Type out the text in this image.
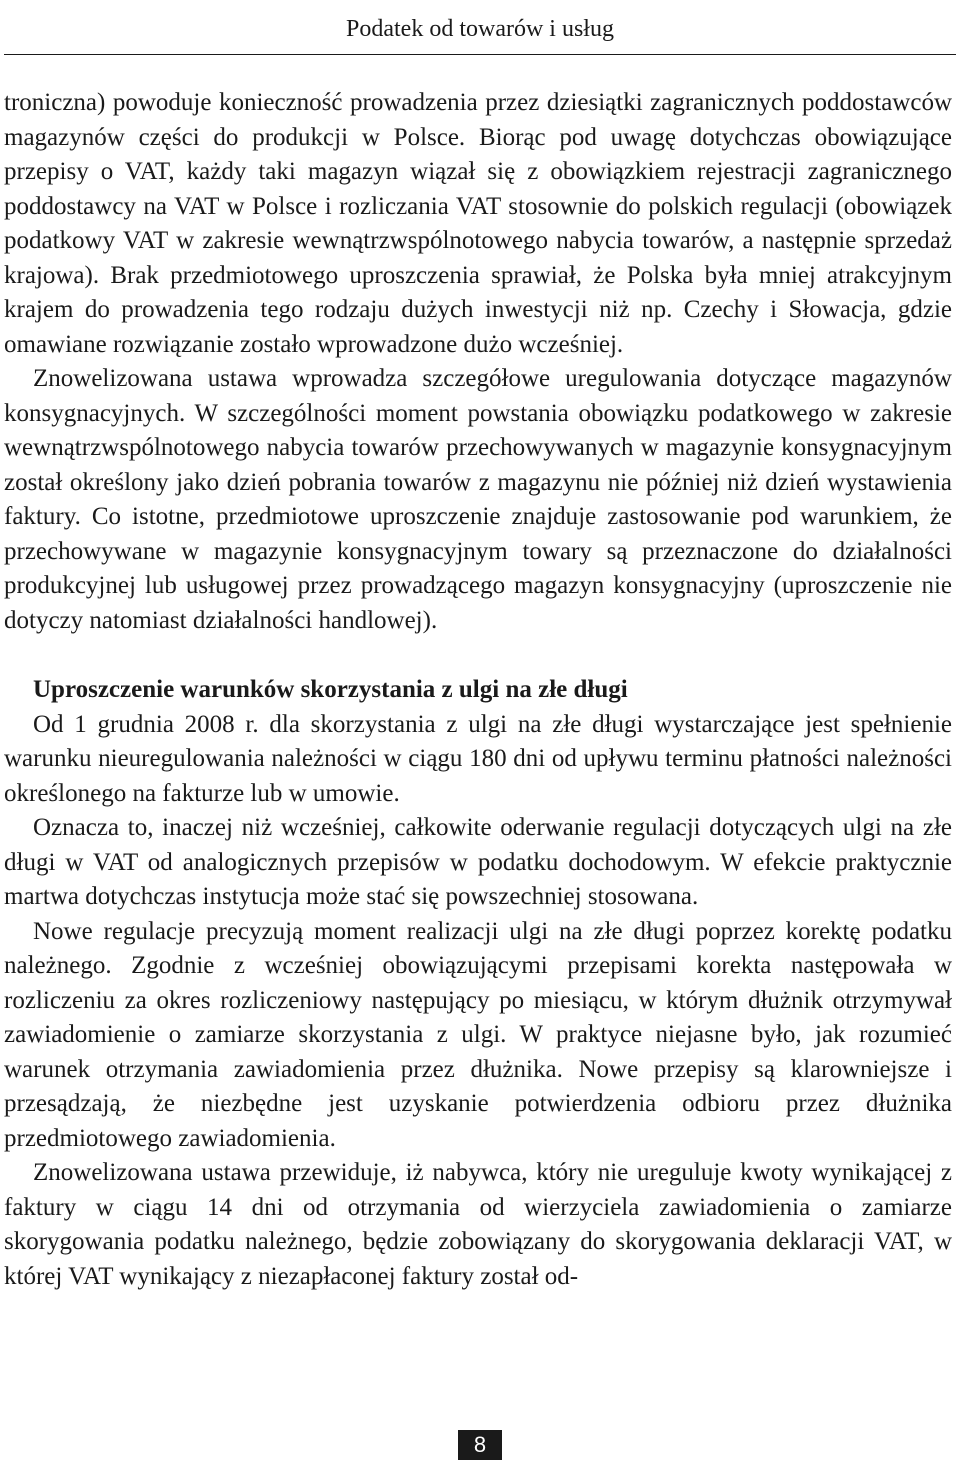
Podatek od towarów i usług

troniczna) powoduje konieczność prowadzenia przez dziesiątki zagranicznych poddostawców magazynów części do produkcji w Polsce. Biorąc pod uwagę dotychczas obowiązujące przepisy o VAT, każdy taki magazyn wiązał się z obowiązkiem rejestracji zagranicznego poddostawcy na VAT w Polsce i rozliczania VAT stosownie do polskich regulacji (obowiązek podatkowy VAT w zakresie wewnątrzwspólnotowego nabycia towarów, a następnie sprzedaż krajowa). Brak przedmiotowego uproszczenia sprawiał, że Polska była mniej atrakcyjnym krajem do prowadzenia tego rodzaju dużych inwestycji niż np. Czechy i Słowacja, gdzie omawiane rozwiązanie zostało wprowadzone dużo wcześniej.

Znowelizowana ustawa wprowadza szczegółowe uregulowania dotyczące magazynów konsygnacyjnych. W szczególności moment powstania obowiązku podatkowego w zakresie wewnątrzwspólnotowego nabycia towarów przechowywanych w magazynie konsygnacyjnym został określony jako dzień pobrania towarów z magazynu nie później niż dzień wystawienia faktury. Co istotne, przedmiotowe uproszczenie znajduje zastosowanie pod warunkiem, że przechowywane w magazynie konsygnacyjnym towary są przeznaczone do działalności produkcyjnej lub usługowej przez prowadzącego magazyn konsygnacyjny (uproszczenie nie dotyczy natomiast działalności handlowej).

Uproszczenie warunków skorzystania z ulgi na złe długi

Od 1 grudnia 2008 r. dla skorzystania z ulgi na złe długi wystarczające jest spełnienie warunku nieuregulowania należności w ciągu 180 dni od upływu terminu płatności należności określonego na fakturze lub w umowie.

Oznacza to, inaczej niż wcześniej, całkowite oderwanie regulacji dotyczących ulgi na złe długi w VAT od analogicznych przepisów w podatku dochodowym. W efekcie praktycznie martwa dotychczas instytucja może stać się powszechniej stosowana.

Nowe regulacje precyzują moment realizacji ulgi na złe długi poprzez korektę podatku należnego. Zgodnie z wcześniej obowiązującymi przepisami korekta następowała w rozliczeniu za okres rozliczeniowy następujący po miesiącu, w którym dłużnik otrzymywał zawiadomienie o zamiarze skorzystania z ulgi. W praktyce niejasne było, jak rozumieć warunek otrzymania zawiadomienia przez dłużnika. Nowe przepisy są klarowniejsze i przesądzają, że niezbędne jest uzyskanie potwierdzenia odbioru przez dłużnika przedmiotowego zawiadomienia.

Znowelizowana ustawa przewiduje, iż nabywca, który nie ureguluje kwoty wynikającej z faktury w ciągu 14 dni od otrzymania od wierzyciela zawiadomienia o zamiarze skorygowania podatku należnego, będzie zobowiązany do skorygowania deklaracji VAT, w której VAT wynikający z niezapłaconej faktury został od-

8
